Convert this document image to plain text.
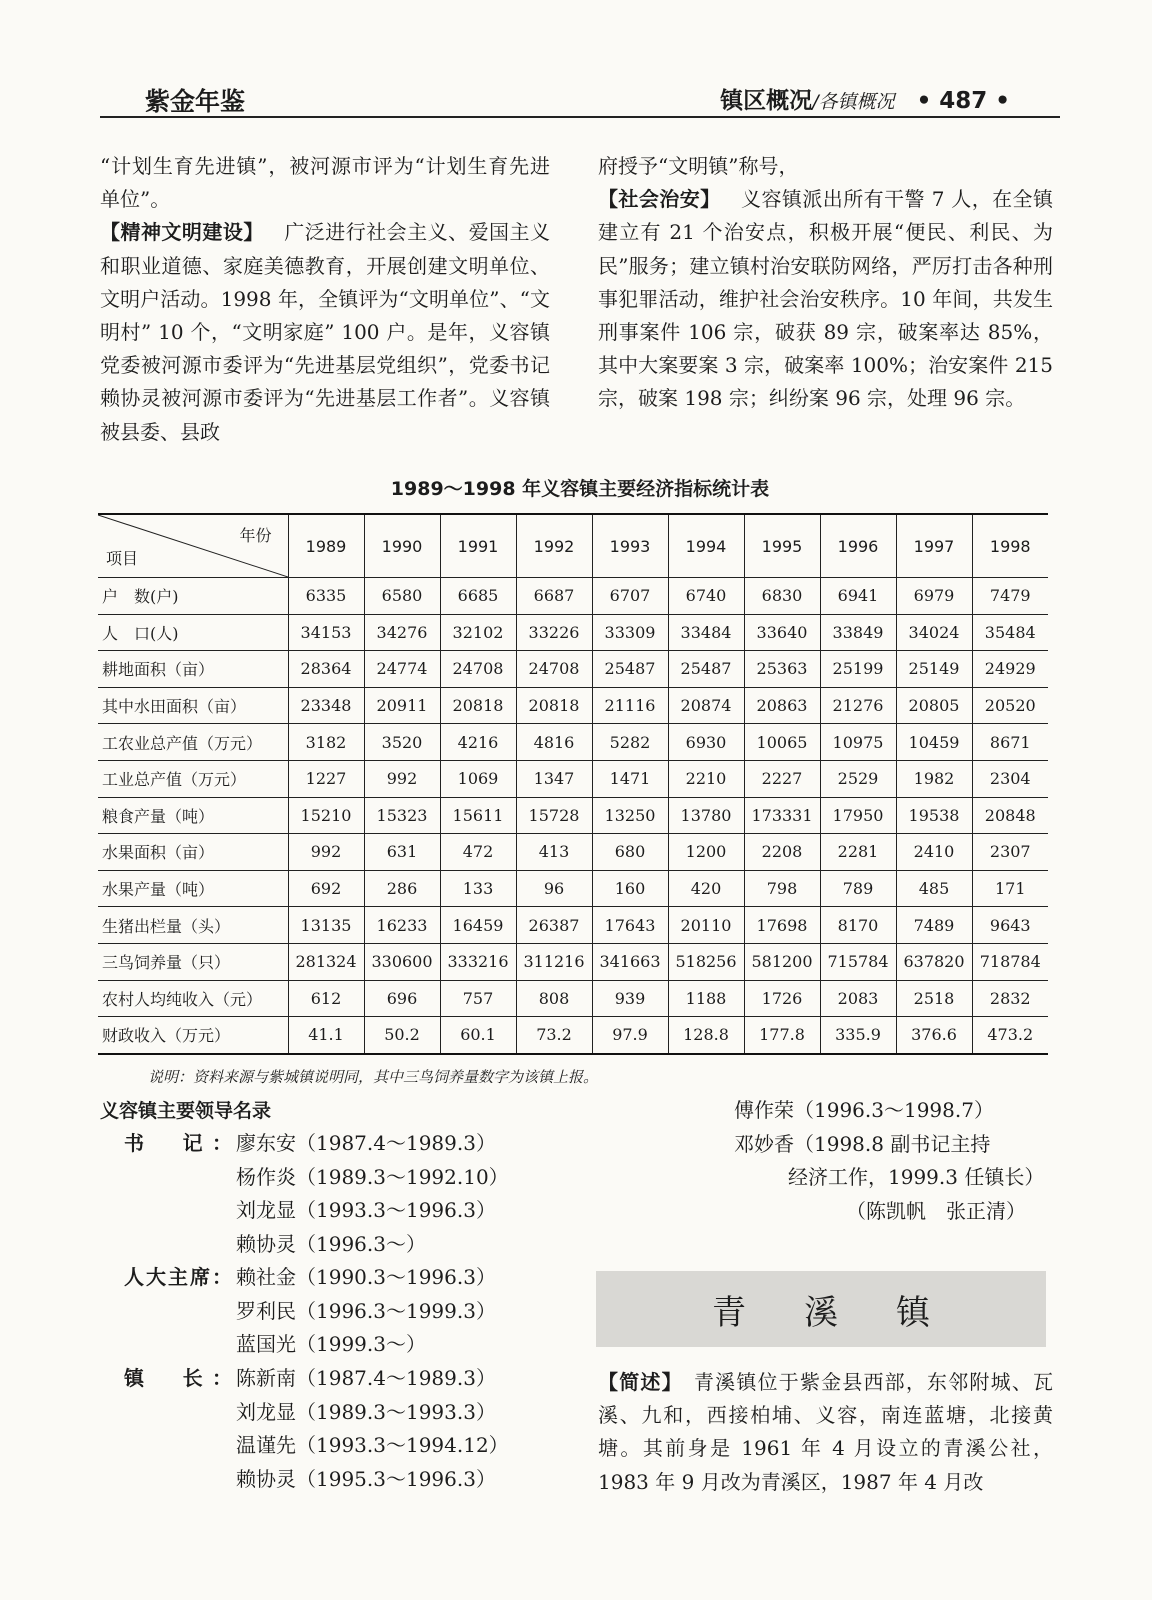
紫金年鉴	镇区概况/各镇概况 • 487 •
“计划生育先进镇”，被河源市评为“计划生育先进单位”。
【精神文明建设】  广泛进行社会主义、爱国主义和职业道德、家庭美德教育，开展创建文明单位、文明户活动。1998 年，全镇评为“文明单位”、“文明村” 10 个，“文明家庭” 100 户。是年，义容镇党委被河源市委评为“先进基层党组织”，党委书记赖协灵被河源市委评为“先进基层工作者”。义容镇被县委、县政
府授予“文明镇”称号，
【社会治安】  义容镇派出所有干警 7 人，在全镇建立有 21 个治安点，积极开展“便民、利民、为民”服务；建立镇村治安联防网络，严厉打击各种刑事犯罪活动，维护社会治安秩序。10 年间，共发生刑事案件 106 宗，破获 89 宗，破案率达 85%，其中大案要案 3 宗，破案率 100%；治安案件 215 宗，破案 198 宗；纠纷案 96 宗，处理 96 宗。
1989～1998 年义容镇主要经济指标统计表
年份
项目	1989	1990	1991	1992	1993	1994	1995	1996	1997	1998
户　数(户)	6335	6580	6685	6687	6707	6740	6830	6941	6979	7479
人　口(人)	34153	34276	32102	33226	33309	33484	33640	33849	34024	35484
耕地面积（亩）	28364	24774	24708	24708	25487	25487	25363	25199	25149	24929
其中水田面积（亩）	23348	20911	20818	20818	21116	20874	20863	21276	20805	20520
工农业总产值（万元）	3182	3520	4216	4816	5282	6930	10065	10975	10459	8671
工业总产值（万元）	1227	992	1069	1347	1471	2210	2227	2529	1982	2304
粮食产量（吨）	15210	15323	15611	15728	13250	13780	173331	17950	19538	20848
水果面积（亩）	992	631	472	413	680	1200	2208	2281	2410	2307
水果产量（吨）	692	286	133	96	160	420	798	789	485	171
生猪出栏量（头）	13135	16233	16459	26387	17643	20110	17698	8170	7489	9643
三鸟饲养量（只）	281324	330600	333216	311216	341663	518256	581200	715784	637820	718784
农村人均纯收入（元）	612	696	757	808	939	1188	1726	2083	2518	2832
财政收入（万元）	41.1	50.2	60.1	73.2	97.9	128.8	177.8	335.9	376.6	473.2
说明：资料来源与紫城镇说明同，其中三鸟饲养量数字为该镇上报。
义容镇主要领导名录
书　记： 廖东安（1987.4～1989.3）
杨作炎（1989.3～1992.10）
刘龙显（1993.3～1996.3）
赖协灵（1996.3～）
人大主席： 赖社金（1990.3～1996.3）
罗利民（1996.3～1999.3）
蓝国光（1999.3～）
镇　长： 陈新南（1987.4～1989.3）
刘龙显（1989.3～1993.3）
温谨先（1993.3～1994.12）
赖协灵（1995.3～1996.3）
傅作荣（1996.3～1998.7）
邓妙香（1998.8 副书记主持
经济工作，1999.3 任镇长）
（陈凯帆　张正清）
青溪镇
【简述】  青溪镇位于紫金县西部，东邻附城、瓦溪、九和，西接柏埔、义容，南连蓝塘，北接黄塘。其前身是 1961 年 4 月设立的青溪公社，1983 年 9 月改为青溪区，1987 年 4 月改
